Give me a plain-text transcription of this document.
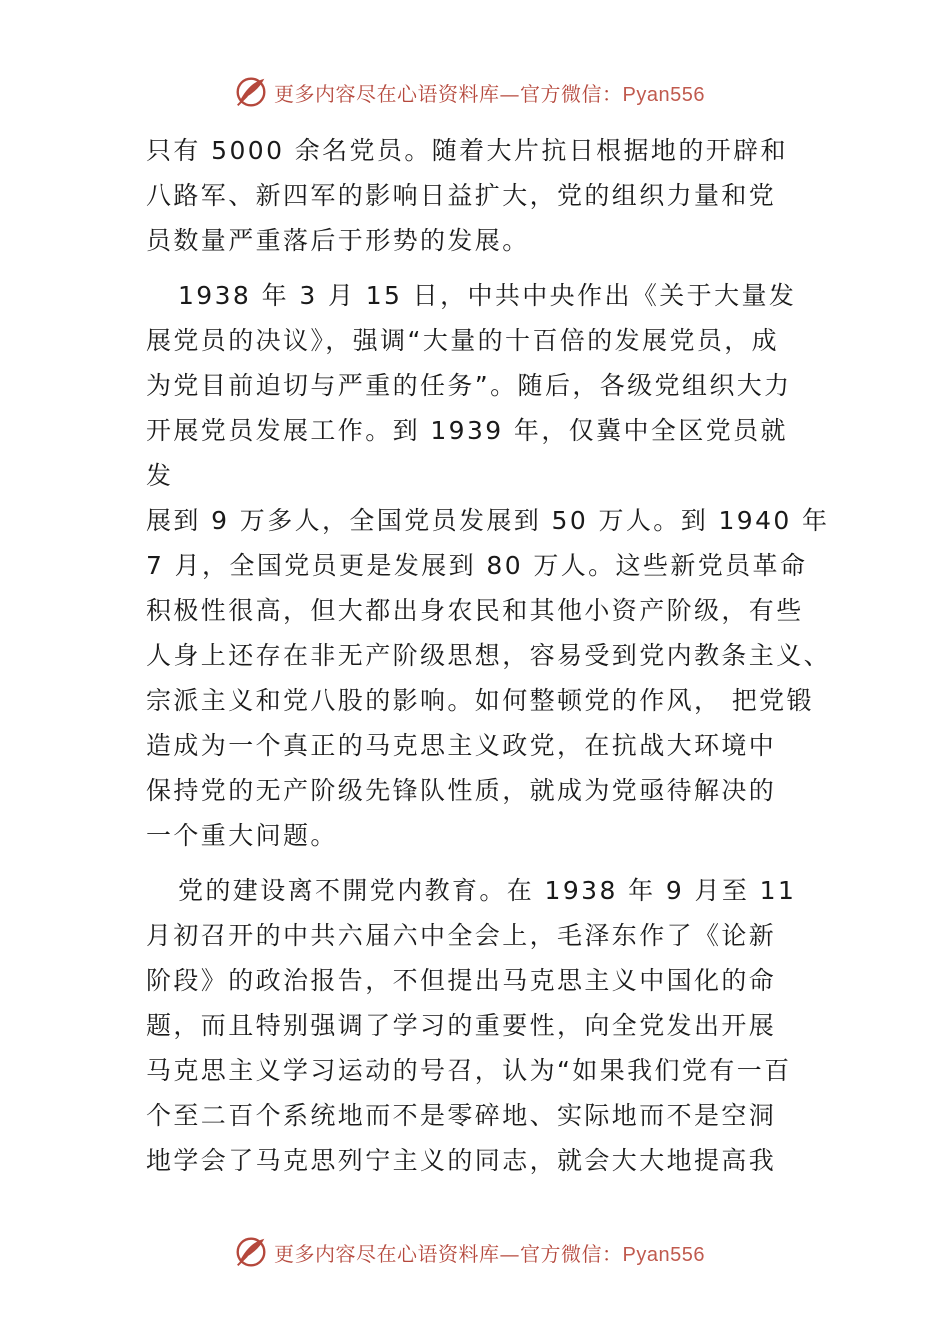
更多内容尽在心语资料库—官方微信：Pyan556
只有 5000 余名党员。随着大片抗日根据地的开辟和
八路军、新四军的影响日益扩大，党的组织力量和党
员数量严重落后于形势的发展。
1938 年 3 月 15 日，中共中央作出《关于大量发
展党员的决议》，强调“大量的十百倍的发展党员，成
为党目前迫切与严重的任务”。随后，各级党组织大力
开展党员发展工作。到 1939 年，仅冀中全区党员就
发
展到 9 万多人，全国党员发展到 50 万人。到 1940 年
7 月，全国党员更是发展到 80 万人。这些新党员革命
积极性很高，但大都出身农民和其他小资产阶级，有些
人身上还存在非无产阶级思想，容易受到党内教条主义、
宗派主义和党八股的影响。如何整顿党的作风， 把党锻
造成为一个真正的马克思主义政党，在抗战大环境中
保持党的无产阶级先锋队性质，就成为党亟待解决的
一个重大问题。
党的建设离不開党内教育。在 1938 年 9 月至 11
月初召开的中共六届六中全会上，毛泽东作了《论新
阶段》的政治报告，不但提出马克思主义中国化的命
题，而且特别强调了学习的重要性，向全党发出开展
马克思主义学习运动的号召，认为“如果我们党有一百
个至二百个系统地而不是零碎地、实际地而不是空洞
地学会了马克思列宁主义的同志，就会大大地提高我
更多内容尽在心语资料库—官方微信：Pyan556
